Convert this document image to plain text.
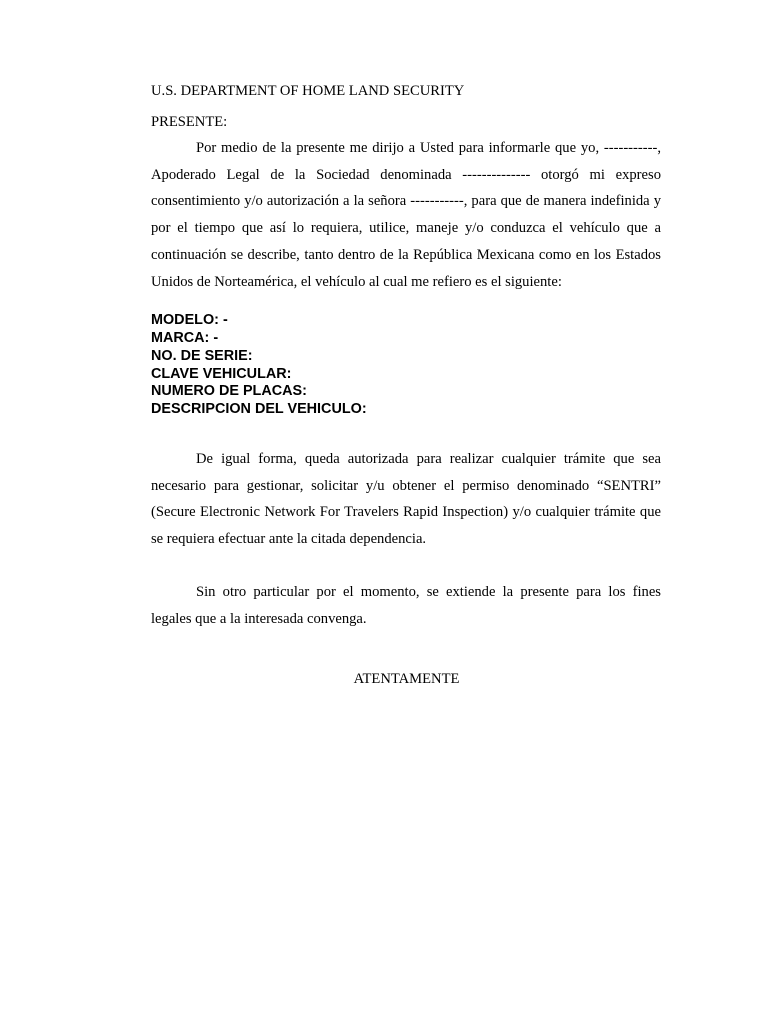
U.S. DEPARTMENT OF HOME LAND SECURITY

PRESENTE:

Por medio de la presente me dirijo a Usted para informarle que yo, -----------, Apoderado Legal de la Sociedad denominada -------------- otorgó mi expreso consentimiento y/o autorización a la señora -----------, para que de manera indefinida y por el tiempo que así lo requiera, utilice, maneje y/o conduzca el vehículo que a continuación se describe, tanto dentro de la República Mexicana como en los Estados Unidos de Norteamérica, el vehículo al cual me refiero es el siguiente:

MODELO: -
MARCA: -
NO. DE SERIE:
CLAVE VEHICULAR:
NUMERO DE PLACAS:
DESCRIPCION DEL VEHICULO:

De igual forma, queda autorizada para realizar cualquier trámite que sea necesario para gestionar, solicitar y/u obtener el permiso denominado “SENTRI” (Secure Electronic Network For Travelers Rapid Inspection) y/o cualquier trámite que se requiera efectuar ante la citada dependencia.

Sin otro particular por el momento, se extiende la presente para los fines legales que a la interesada convenga.

ATENTAMENTE
